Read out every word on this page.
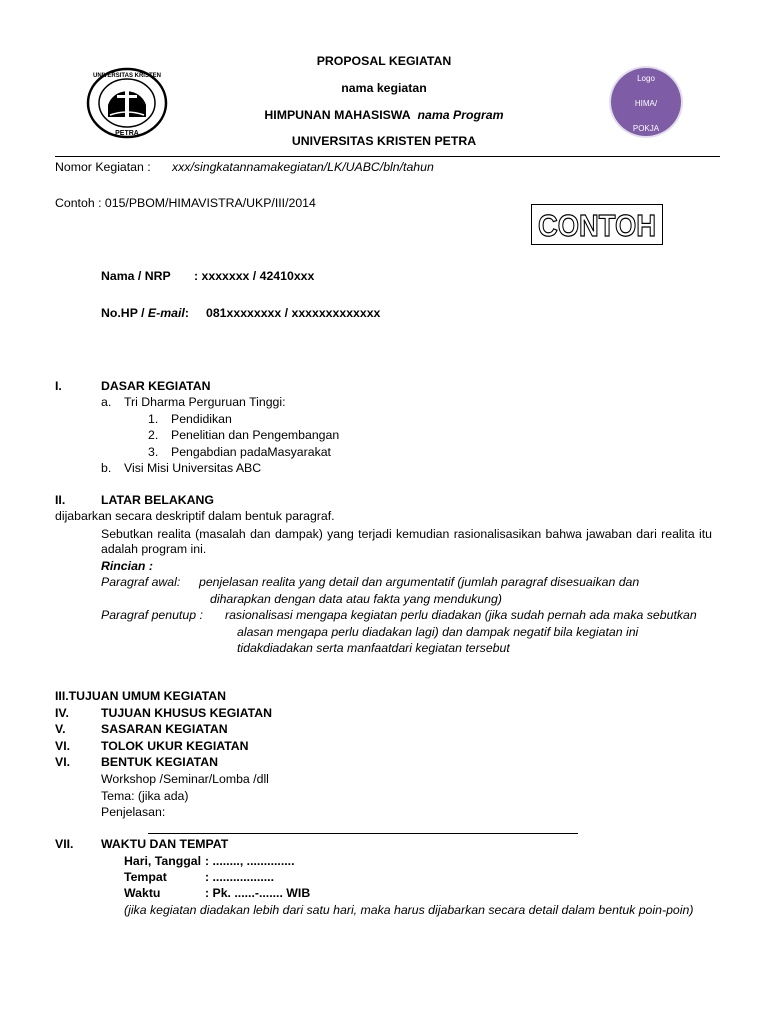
PROPOSAL KEGIATAN
nama kegiatan
HIMPUNAN MAHASISWA nama Program
UNIVERSITAS KRISTEN PETRA
UNIVERSITAS KRISTEN
PETRA
Logo
HIMA/
POKJA
Nomor Kegiatan : xxx/singkatannamakegiatan/LK/UABC/bln/tahun
Contoh : 015/PBOM/HIMAVISTRA/UKP/III/2014
CONTOH
Nama / NRP : xxxxxxx / 42410xxx
No.HP / E-mail:     081xxxxxxxx / xxxxxxxxxxxxx
I.	DASAR KEGIATAN
a. Tri Dharma Perguruan Tinggi:
1. Pendidikan
2. Penelitian dan Pengembangan
3. Pengabdian padaMasyarakat
b. Visi Misi Universitas ABC
II.	LATAR BELAKANG
dijabarkan secara deskriptif dalam bentuk paragraf.
Sebutkan realita (masalah dan dampak) yang terjadi kemudian rasionalisasikan bahwa jawaban dari realita itu adalah program ini.
Rincian :
Paragraf awal: penjelasan realita yang detail dan argumentatif (jumlah paragraf disesuaikan dan
diharapkan dengan data atau fakta yang mendukung)
Paragraf penutup : rasionalisasi mengapa kegiatan perlu diadakan (jika sudah pernah ada maka sebutkan
alasan mengapa perlu diadakan lagi) dan dampak negatif bila kegiatan ini
tidakdiadakan serta manfaatdari kegiatan tersebut
III.TUJUAN UMUM KEGIATAN
IV.	TUJUAN KHUSUS KEGIATAN
V.	SASARAN KEGIATAN
VI.	TOLOK UKUR KEGIATAN
VI.	BENTUK KEGIATAN
Workshop /Seminar/Lomba /dll
Tema: (jika ada)
Penjelasan:
VII. WAKTU DAN TEMPAT
Hari, Tanggal : ........, ..............
Tempat	: ..................
Waktu	: Pk. ......-....... WIB
(jika kegiatan diadakan lebih dari satu hari, maka harus dijabarkan secara detail dalam bentuk poin-poin)
